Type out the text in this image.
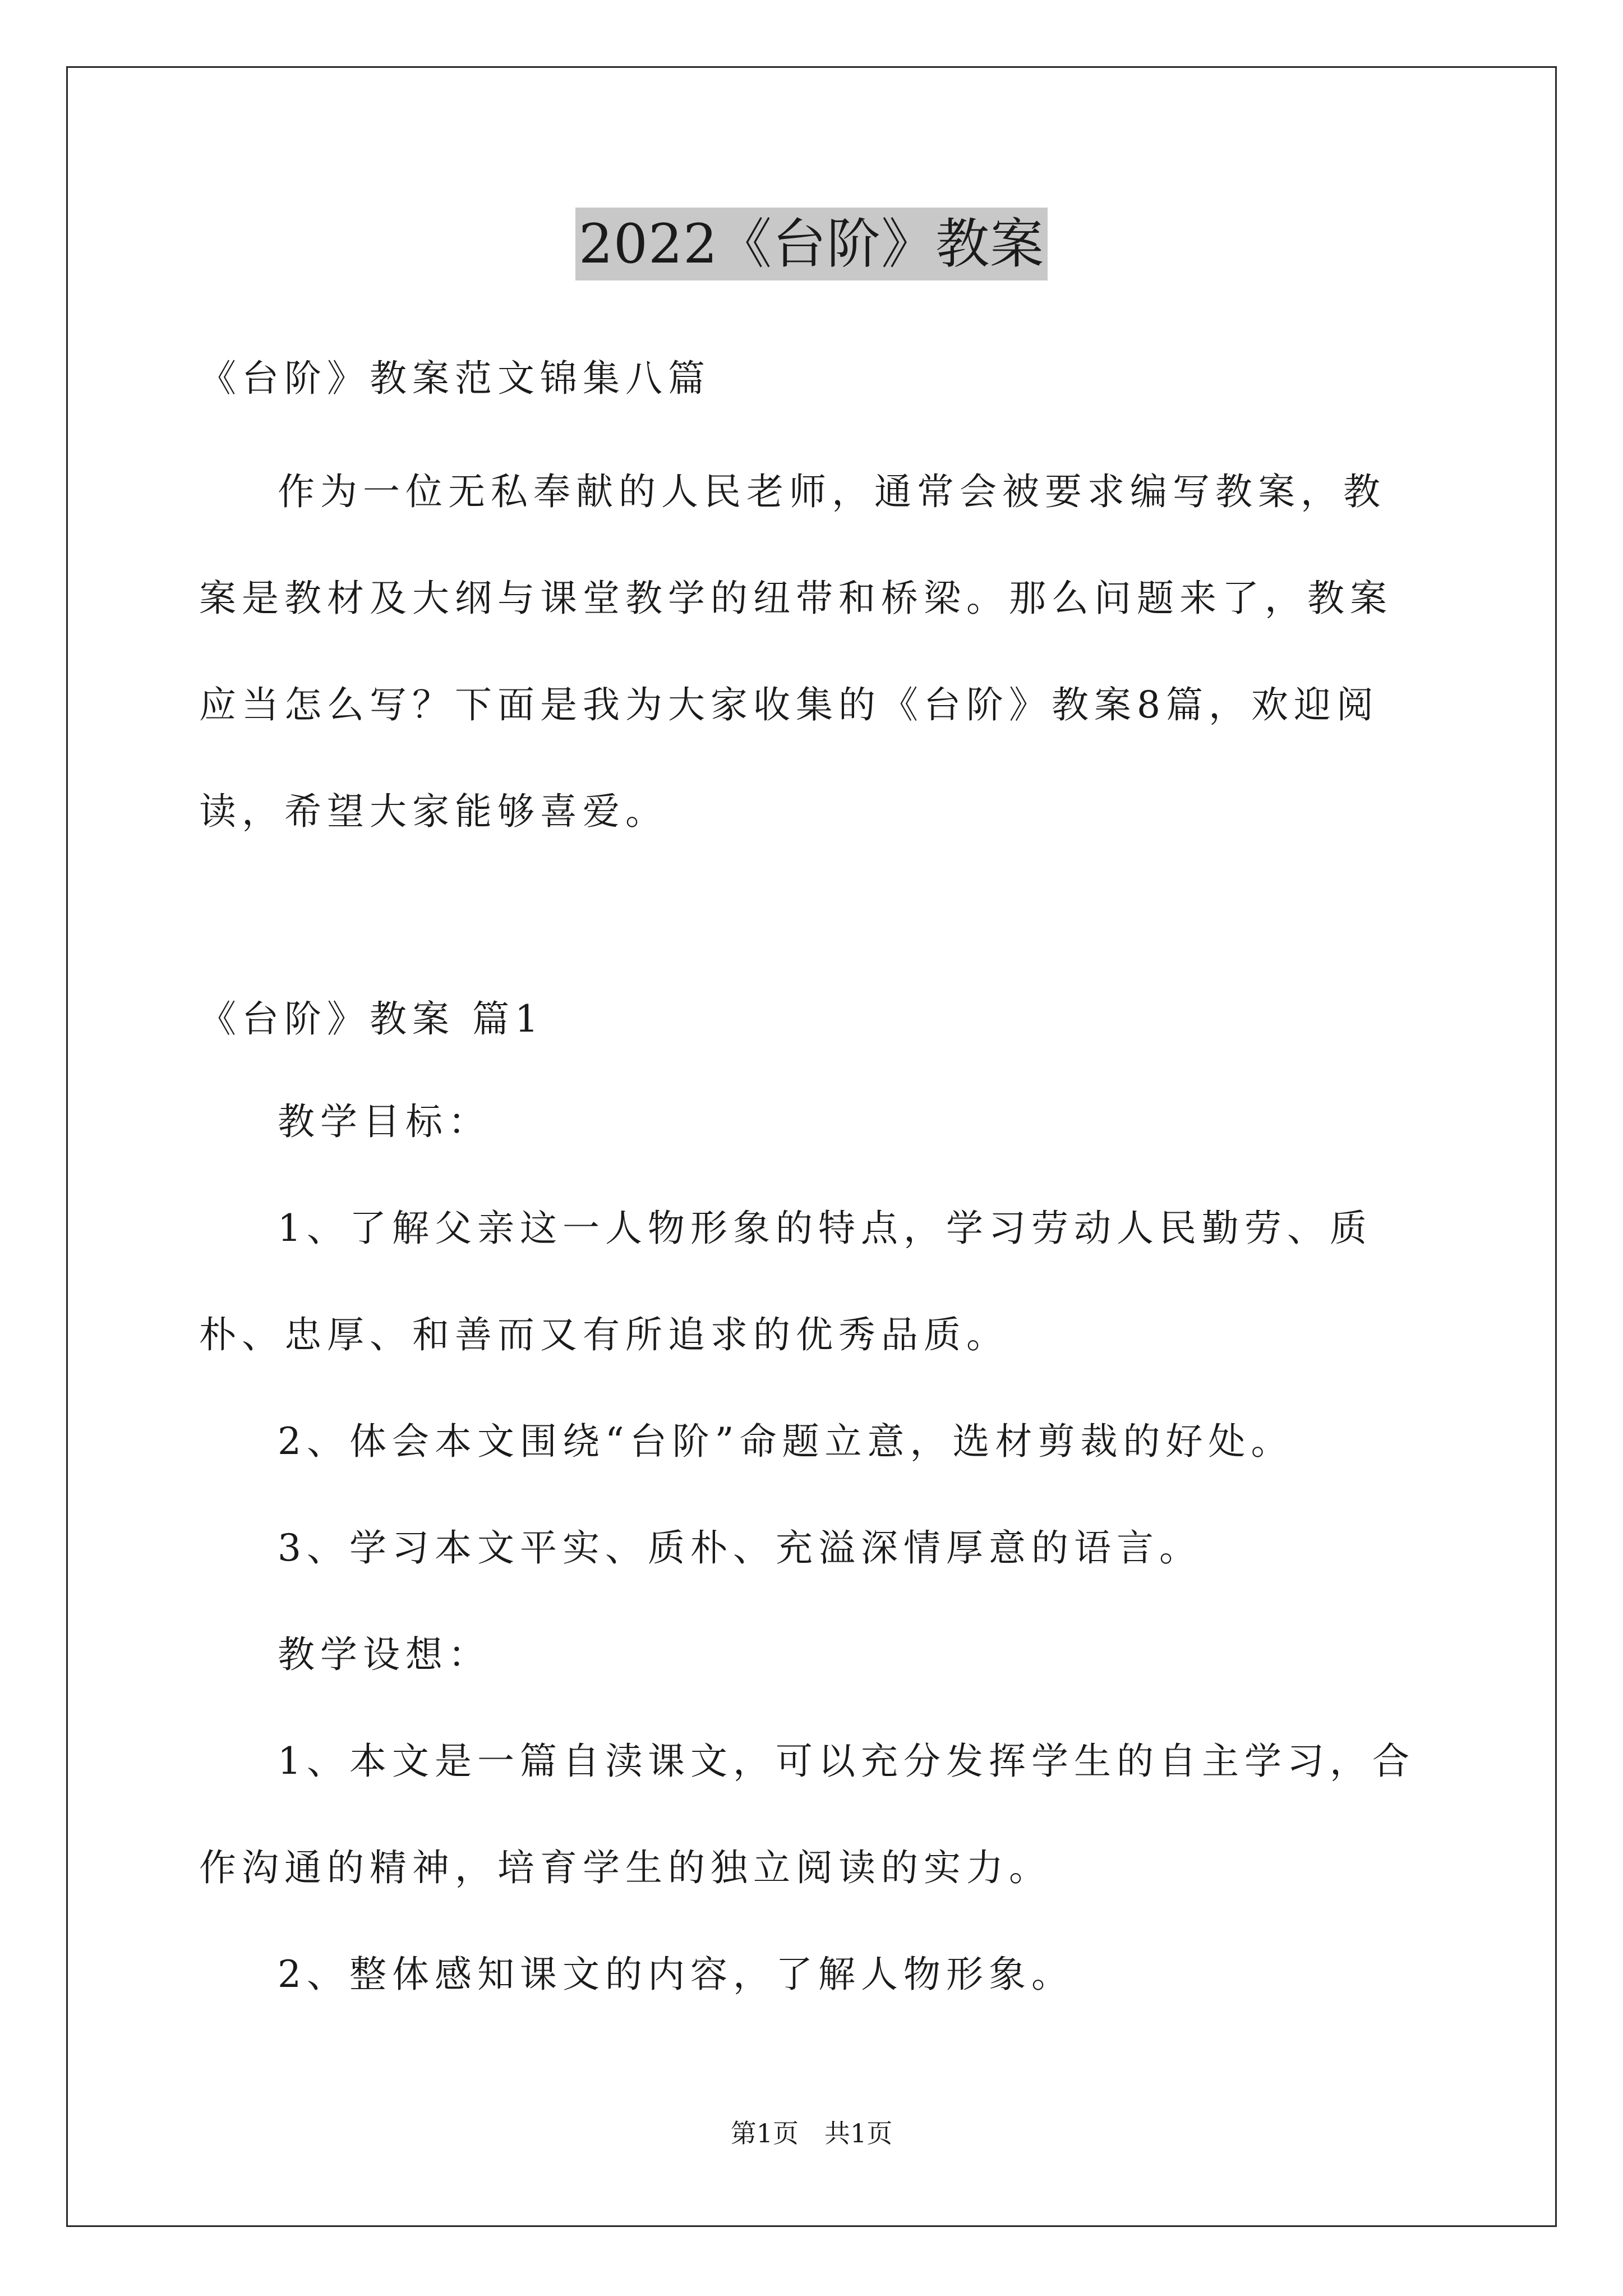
2022《台阶》教案
《台阶》教案范文锦集八篇

作为一位无私奉献的人民老师，通常会被要求编写教案，教案是教材及大纲与课堂教学的纽带和桥梁。那么问题来了，教案应当怎么写？下面是我为大家收集的《台阶》教案8篇，欢迎阅读，希望大家能够喜爱。

《台阶》教案 篇1
教学目标：

1、了解父亲这一人物形象的特点，学习劳动人民勤劳、质朴、忠厚、和善而又有所追求的优秀品质。

2、体会本文围绕“台阶”命题立意，选材剪裁的好处。
3、学习本文平实、质朴、充溢深情厚意的语言。
教学设想：

1、本文是一篇自渎课文，可以充分发挥学生的自主学习，合作沟通的精神，培育学生的独立阅读的实力。

2、整体感知课文的内容，了解人物形象。
第1页　共1页
